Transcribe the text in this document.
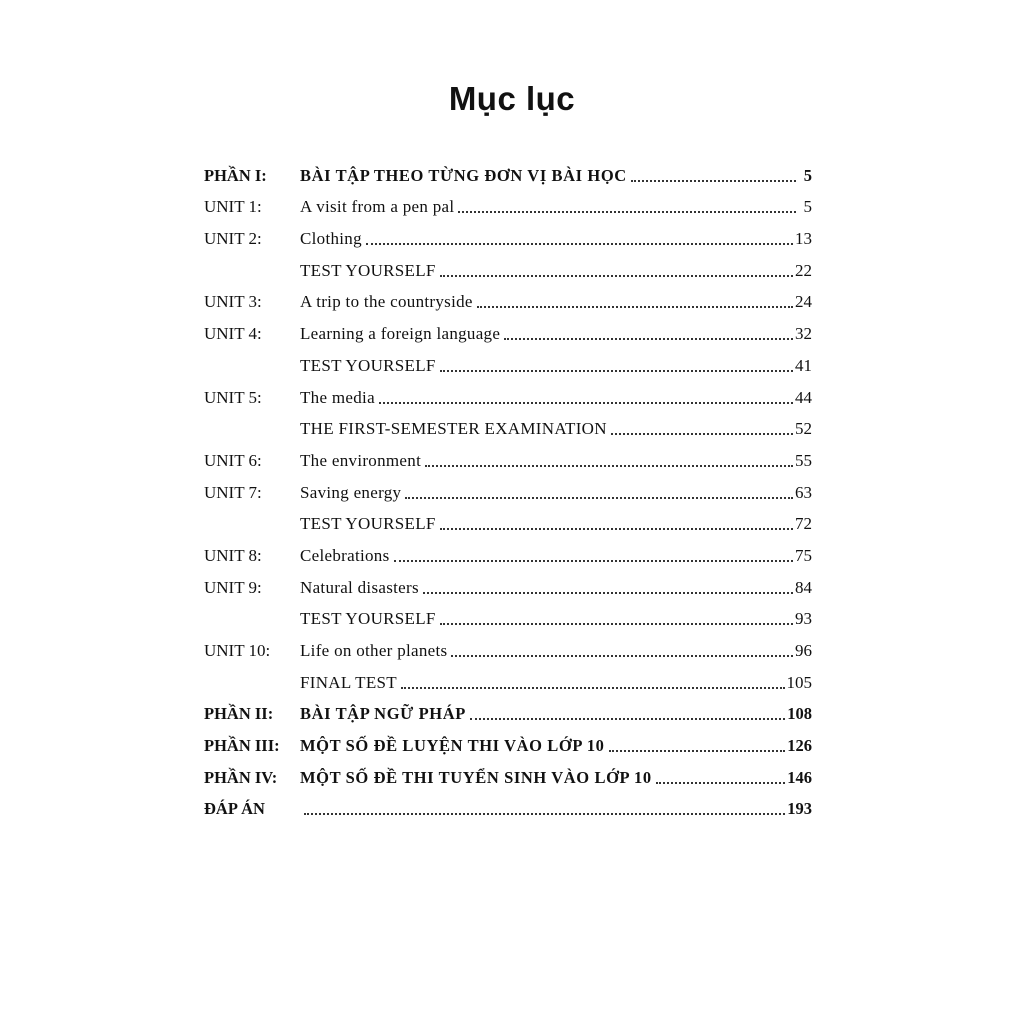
Mục lục
PHẦN I:	BÀI TẬP THEO TỪNG ĐƠN VỊ BÀI HỌC	5
UNIT 1:	A visit from a pen pal	5
UNIT 2:	Clothing	13
TEST YOURSELF	22
UNIT 3:	A trip to the countryside	24
UNIT 4:	Learning a foreign language	32
TEST YOURSELF	41
UNIT 5:	The media	44
THE FIRST-SEMESTER EXAMINATION	52
UNIT 6:	The environment	55
UNIT 7:	Saving energy	63
TEST YOURSELF	72
UNIT 8:	Celebrations	75
UNIT 9:	Natural disasters	84
TEST YOURSELF	93
UNIT 10:	Life on other planets	96
FINAL TEST	105
PHẦN II:	BÀI TẬP NGỮ PHÁP	108
PHẦN III:	MỘT SỐ ĐỀ LUYỆN THI VÀO LỚP 10	126
PHẦN IV:	MỘT SỐ ĐỀ THI TUYỂN SINH VÀO LỚP 10	146
ĐÁP ÁN	193
